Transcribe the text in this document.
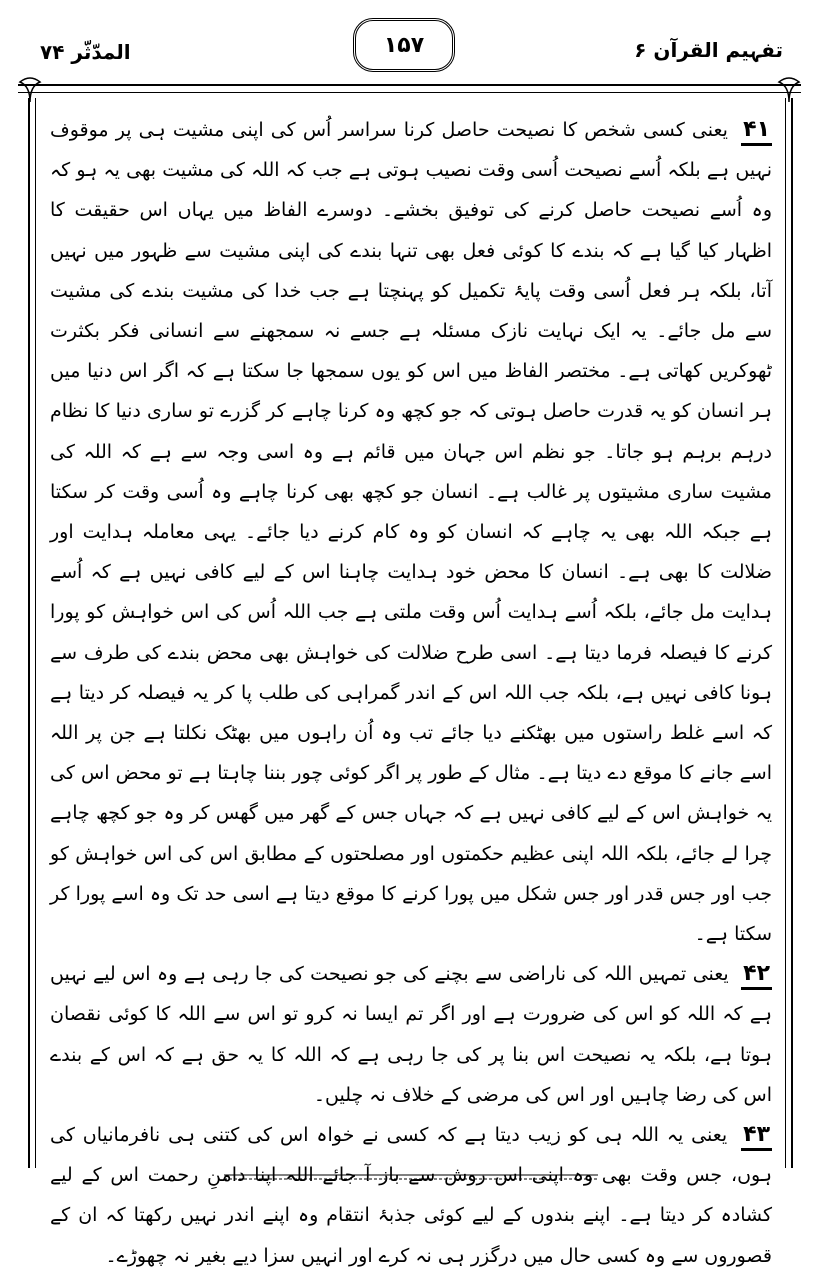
المدّثّر ۷۴	۱۵۷	تفہیم القرآن ۶

۴۱ یعنی کسی شخص کا نصیحت حاصل کرنا سراسر اُس کی اپنی مشیت ہی پر موقوف نہیں ہے بلکہ اُسے نصیحت اُسی وقت نصیب ہوتی ہے جب کہ اللہ کی مشیت بھی یہ ہو کہ وہ اُسے نصیحت حاصل کرنے کی توفیق بخشے۔ دوسرے الفاظ میں یہاں اس حقیقت کا اظہار کیا گیا ہے کہ بندے کا کوئی فعل بھی تنہا بندے کی اپنی مشیت سے ظہور میں نہیں آتا، بلکہ ہر فعل اُسی وقت پایۂ تکمیل کو پہنچتا ہے جب خدا کی مشیت بندے کی مشیت سے مل جائے۔ یہ ایک نہایت نازک مسئلہ ہے جسے نہ سمجھنے سے انسانی فکر بکثرت ٹھوکریں کھاتی ہے۔ مختصر الفاظ میں اس کو یوں سمجھا جا سکتا ہے کہ اگر اس دنیا میں ہر انسان کو یہ قدرت حاصل ہوتی کہ جو کچھ وہ کرنا چاہے کر گزرے تو ساری دنیا کا نظام درہم برہم ہو جاتا۔ جو نظم اس جہان میں قائم ہے وہ اسی وجہ سے ہے کہ اللہ کی مشیت ساری مشیتوں پر غالب ہے۔ انسان جو کچھ بھی کرنا چاہے وہ اُسی وقت کر سکتا ہے جبکہ اللہ بھی یہ چاہے کہ انسان کو وہ کام کرنے دیا جائے۔ یہی معاملہ ہدایت اور ضلالت کا بھی ہے۔ انسان کا محض خود ہدایت چاہنا اس کے لیے کافی نہیں ہے کہ اُسے ہدایت مل جائے، بلکہ اُسے ہدایت اُس وقت ملتی ہے جب اللہ اُس کی اس خواہش کو پورا کرنے کا فیصلہ فرما دیتا ہے۔ اسی طرح ضلالت کی خواہش بھی محض بندے کی طرف سے ہونا کافی نہیں ہے، بلکہ جب اللہ اس کے اندر گمراہی کی طلب پا کر یہ فیصلہ کر دیتا ہے کہ اسے غلط راستوں میں بھٹکنے دیا جائے تب وہ اُن راہوں میں بھٹک نکلتا ہے جن پر اللہ اسے جانے کا موقع دے دیتا ہے۔ مثال کے طور پر اگر کوئی چور بننا چاہتا ہے تو محض اس کی یہ خواہش اس کے لیے کافی نہیں ہے کہ جہاں جس کے گھر میں گھس کر وہ جو کچھ چاہے چرا لے جائے، بلکہ اللہ اپنی عظیم حکمتوں اور مصلحتوں کے مطابق اس کی اس خواہش کو جب اور جس قدر اور جس شکل میں پورا کرنے کا موقع دیتا ہے اسی حد تک وہ اسے پورا کر سکتا ہے۔

۴۲ یعنی تمہیں اللہ کی ناراضی سے بچنے کی جو نصیحت کی جا رہی ہے وہ اس لیے نہیں ہے کہ اللہ کو اس کی ضرورت ہے اور اگر تم ایسا نہ کرو تو اس سے اللہ کا کوئی نقصان ہوتا ہے، بلکہ یہ نصیحت اس بنا پر کی جا رہی ہے کہ اللہ کا یہ حق ہے کہ اس کے بندے اس کی رضا چاہیں اور اس کی مرضی کے خلاف نہ چلیں۔

۴۳ یعنی یہ اللہ ہی کو زیب دیتا ہے کہ کسی نے خواہ اس کی کتنی ہی نافرمانیاں کی ہوں، جس وقت بھی وہ اپنی اس روش سے باز آ جائے اللہ اپنا دامنِ رحمت اس کے لیے کشادہ کر دیتا ہے۔ اپنے بندوں کے لیے کوئی جذبۂ انتقام وہ اپنے اندر نہیں رکھتا کہ ان کے قصوروں سے وہ کسی حال میں درگزر ہی نہ کرے اور انہیں سزا دیے بغیر نہ چھوڑے۔
